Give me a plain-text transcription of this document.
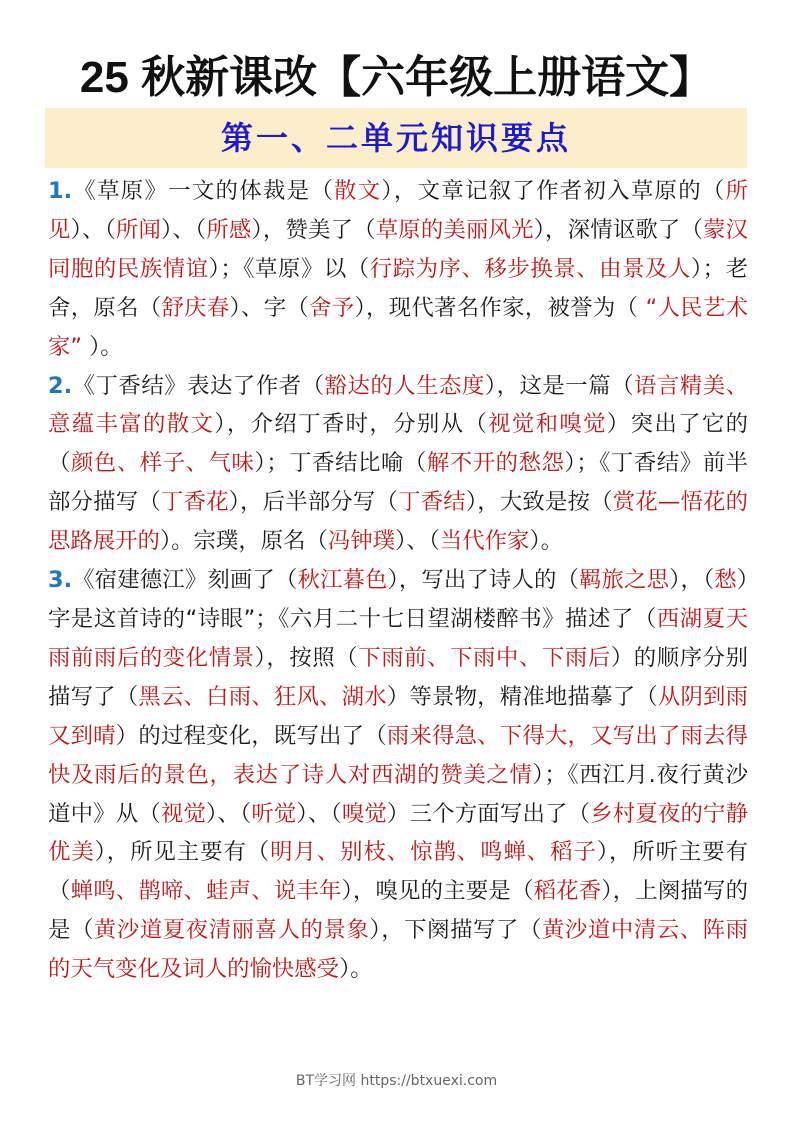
25 秋新课改【六年级上册语文】
第一、二单元知识要点

1.《草原》一文的体裁是（散文），文章记叙了作者初入草原的（所见）、（所闻）、（所感），赞美了（草原的美丽风光），深情讴歌了（蒙汉同胞的民族情谊）；《草原》以（行踪为序、移步换景、由景及人）；老舍，原名（舒庆春）、字（舍予），现代著名作家，被誉为（ “人民艺术家” ）。

2.《丁香结》表达了作者（豁达的人生态度），这是一篇（语言精美、意蕴丰富的散文），介绍丁香时，分别从（视觉和嗅觉）突出了它的（颜色、样子、气味）；丁香结比喻（解不开的愁怨）；《丁香结》前半部分描写（丁香花），后半部分写（丁香结），大致是按（赏花—悟花的思路展开的）。宗璞，原名（冯钟璞）、（当代作家）。

3.《宿建德江》刻画了（秋江暮色），写出了诗人的（羁旅之思），（愁）字是这首诗的“诗眼”；《六月二十七日望湖楼醉书》描述了（西湖夏天雨前雨后的变化情景），按照（下雨前、下雨中、下雨后）的顺序分别描写了（黑云、白雨、狂风、湖水）等景物，精准地描摹了（从阴到雨又到晴）的过程变化，既写出了（雨来得急、下得大，又写出了雨去得快及雨后的景色，表达了诗人对西湖的赞美之情）；《西江月.夜行黄沙道中》从（视觉）、（听觉）、（嗅觉）三个方面写出了（乡村夏夜的宁静优美），所见主要有（明月、别枝、惊鹊、鸣蝉、稻子），所听主要有（蝉鸣、鹊啼、蛙声、说丰年），嗅见的主要是（稻花香），上阕描写的是（黄沙道夏夜清丽喜人的景象），下阕描写了（黄沙道中清云、阵雨的天气变化及词人的愉快感受）。

BT学习网 https://btxuexi.com
